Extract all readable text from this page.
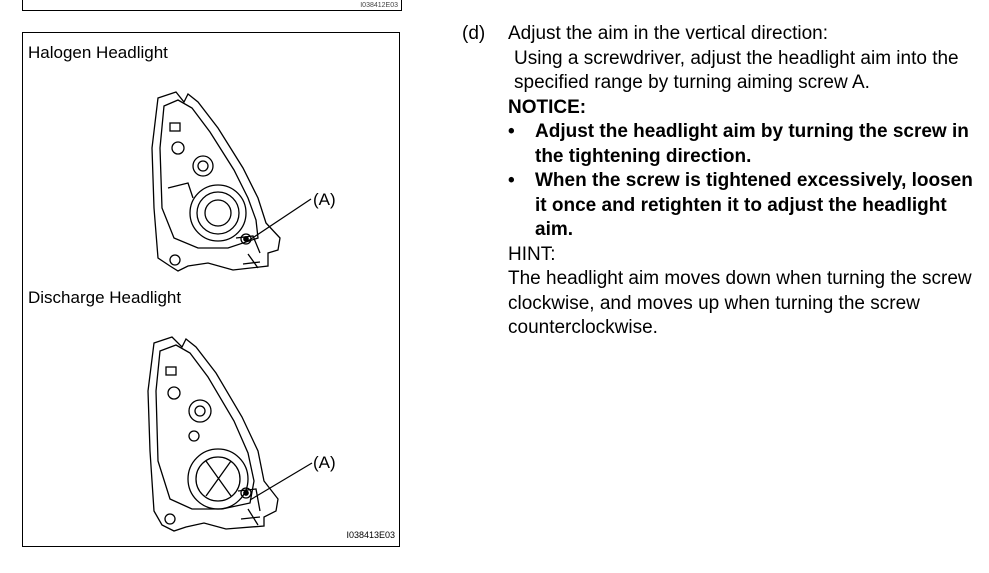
I038412E03
Halogen Headlight
Discharge Headlight
(A)
(A)
I038413E03
(d) Adjust the aim in the vertical direction:
Using a screwdriver, adjust the headlight aim into the specified range by turning aiming screw A.
NOTICE:
• Adjust the headlight aim by turning the screw in the tightening direction.
• When the screw is tightened excessively, loosen it once and retighten it to adjust the headlight aim.
HINT:
The headlight aim moves down when turning the screw clockwise, and moves up when turning the screw counterclockwise.
